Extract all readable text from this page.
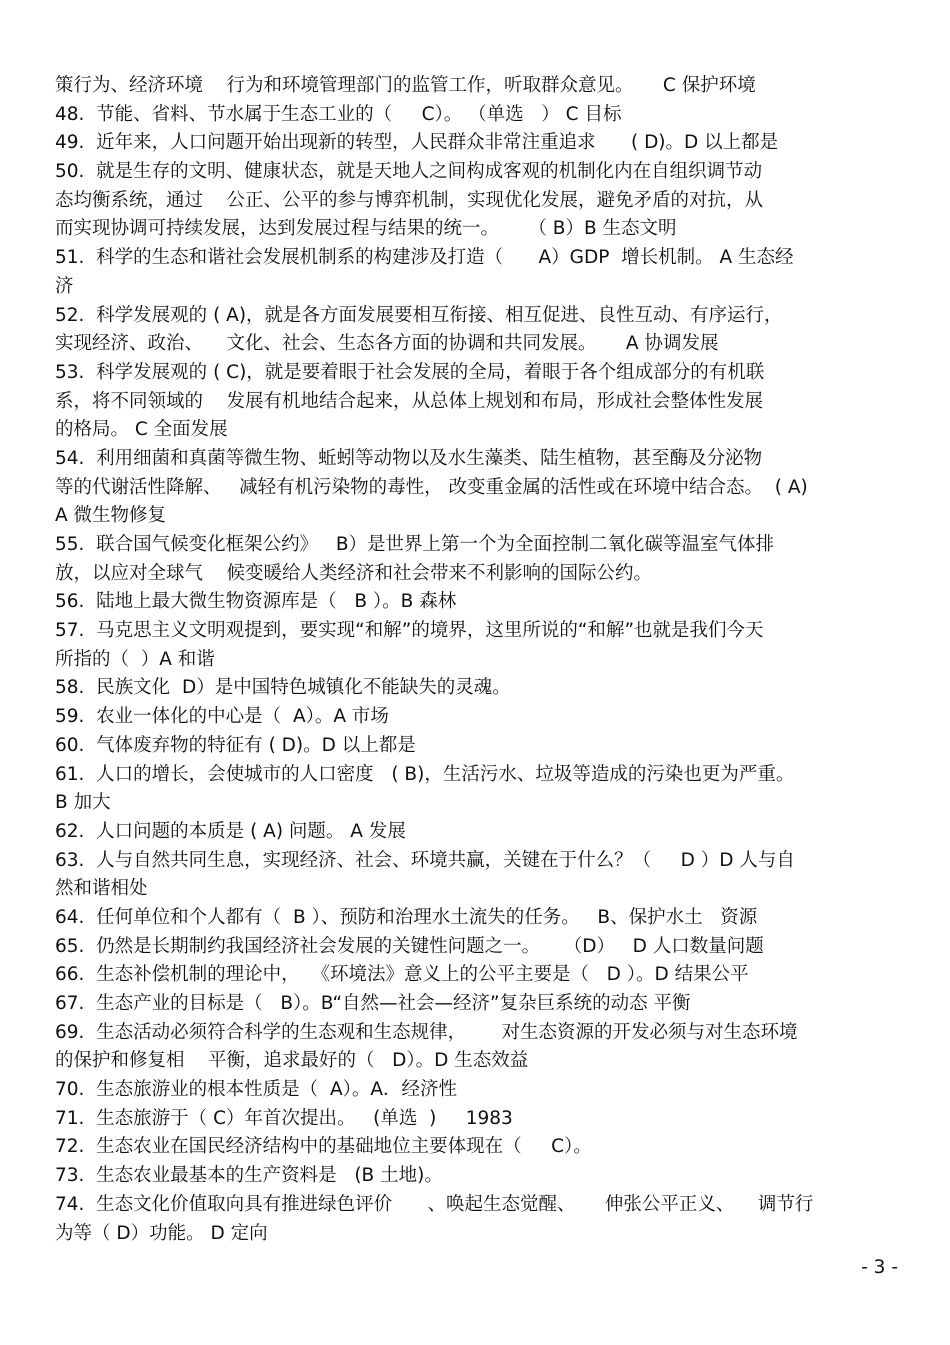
策行为、经济环境    行为和环境管理部门的监管工作，听取群众意见。     C 保护环境
48.  节能、省料、节水属于生态工业的（     C）。 （单选   ） C 目标
49.  近年来，人口问题开始出现新的转型，人民群众非常注重追求      ( D)。D 以上都是
50.  就是生存的文明、健康状态，就是天地人之间构成客观的机制化内在自组织调节动
态均衡系统，通过    公正、公平的参与博弈机制，实现优化发展，避免矛盾的对抗，从
而实现协调可持续发展，达到发展过程与结果的统一。     （ B）B 生态文明
51.  科学的生态和谐社会发展机制系的构建涉及打造（      A）GDP  增长机制。 A 生态经
济
52.  科学发展观的 ( A)，就是各方面发展要相互衔接、相互促进、良性互动、有序运行，
实现经济、政治、    文化、社会、生态各方面的协调和共同发展。     A 协调发展
53.  科学发展观的 ( C)，就是要着眼于社会发展的全局，着眼于各个组成部分的有机联
系，将不同领域的    发展有机地结合起来，从总体上规划和布局，形成社会整体性发展
的格局。 C 全面发展
54.  利用细菌和真菌等微生物、蚯蚓等动物以及水生藻类、陆生植物，甚至酶及分泌物
等的代谢活性降解、   减轻有机污染物的毒性， 改变重金属的活性或在环境中结合态。  ( A)
A 微生物修复
55.  联合国气候变化框架公约》   B）是世界上第一个为全面控制二氧化碳等温室气体排
放，以应对全球气    候变暖给人类经济和社会带来不利影响的国际公约。
56.  陆地上最大微生物资源库是（   B ）。B 森林
57.  马克思主义文明观提到，要实现“和解”的境界，这里所说的“和解”也就是我们今天
所指的（  ）A 和谐
58.  民族文化  D）是中国特色城镇化不能缺失的灵魂。
59.  农业一体化的中心是（  A）。A 市场
60.  气体废弃物的特征有 ( D)。D 以上都是
61.  人口的增长，会使城市的人口密度   ( B)，生活污水、垃圾等造成的污染也更为严重。
B 加大
62.  人口问题的本质是 ( A) 问题。 A 发展
63.  人与自然共同生息，实现经济、社会、环境共赢，关键在于什么？（     D ）D 人与自
然和谐相处
64.  任何单位和个人都有（  B ）、预防和治理水土流失的任务。   B、保护水土   资源
65.  仍然是长期制约我国经济社会发展的关键性问题之一。    （D）   D 人口数量问题
66.  生态补偿机制的理论中，  《环境法》意义上的公平主要是（   D ）。D 结果公平
67.  生态产业的目标是（   B）。B“自然—社会—经济”复杂巨系统的动态 平衡
69.  生态活动必须符合科学的生态观和生态规律，      对生态资源的开发必须与对生态环境
的保护和修复相    平衡，追求最好的（   D）。D 生态效益
70.  生态旅游业的根本性质是（  A）。A．经济性
71.  生态旅游于（ C）年首次提出。   (单选  )     1983
72.  生态农业在国民经济结构中的基础地位主要体现在（     C）。
73.  生态农业最基本的生产资料是   (B 土地)。
74.  生态文化价值取向具有推进绿色评价      、唤起生态觉醒、     伸张公平正义、    调节行
为等（ D）功能。 D 定向
- 3 -
